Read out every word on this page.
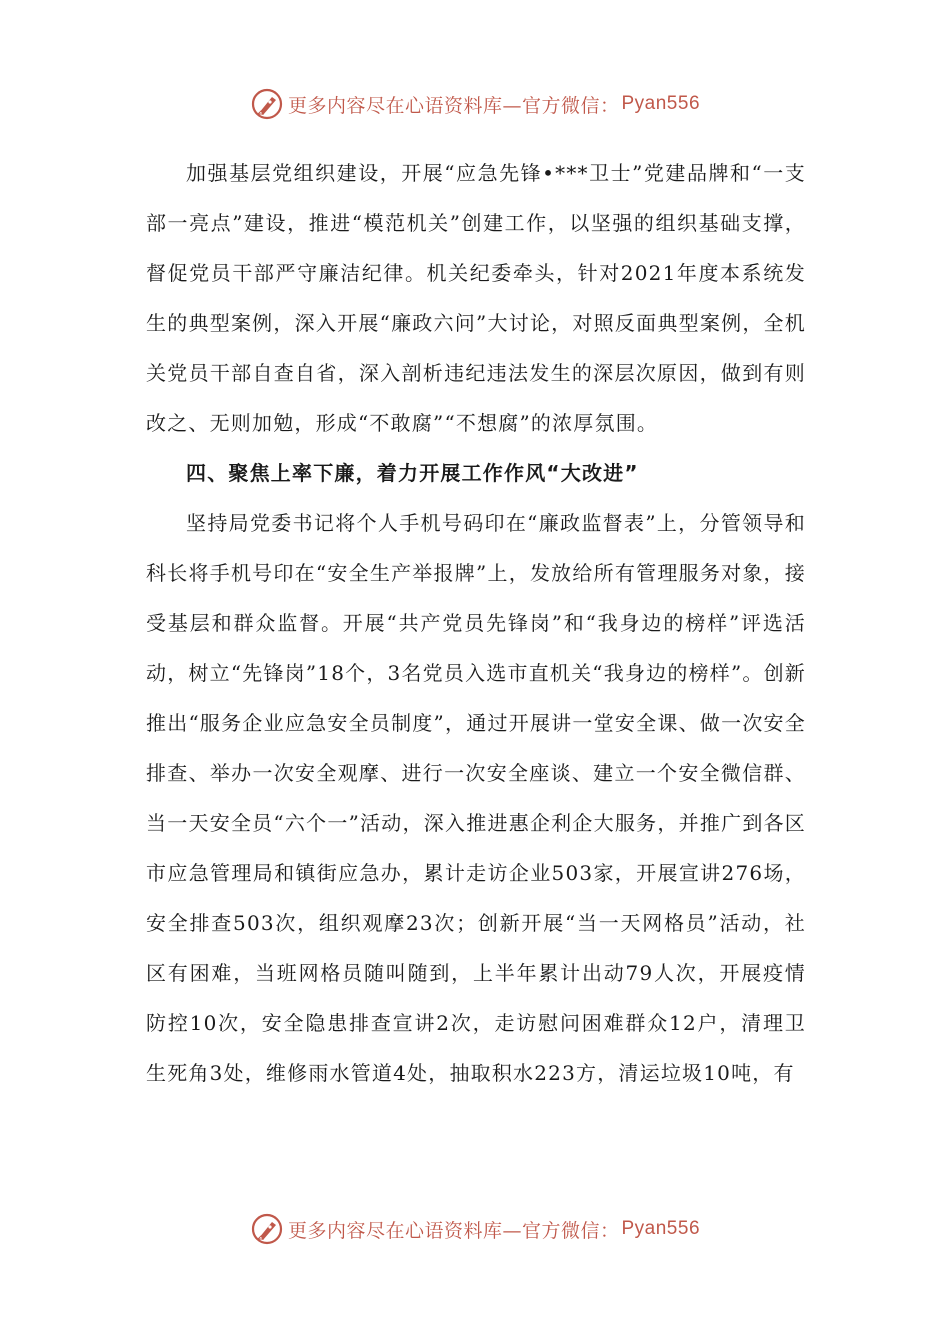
更多内容尽在心语资料库—官方微信： Pyan556

加强基层党组织建设，开展“应急先锋•***卫士”党建品牌和“一支部一亮点”建设，推进“模范机关”创建工作，以坚强的组织基础支撑，督促党员干部严守廉洁纪律。机关纪委牵头，针对2021年度本系统发生的典型案例，深入开展“廉政六问”大讨论，对照反面典型案例，全机关党员干部自查自省，深入剖析违纪违法发生的深层次原因，做到有则改之、无则加勉，形成“不敢腐”“不想腐”的浓厚氛围。

四、聚焦上率下廉，着力开展工作作风“大改进”

坚持局党委书记将个人手机号码印在“廉政监督表”上，分管领导和科长将手机号印在“安全生产举报牌”上，发放给所有管理服务对象，接受基层和群众监督。开展“共产党员先锋岗”和“我身边的榜样”评选活动，树立“先锋岗”18个，3名党员入选市直机关“我身边的榜样”。创新推出“服务企业应急安全员制度”，通过开展讲一堂安全课、做一次安全排查、举办一次安全观摩、进行一次安全座谈、建立一个安全微信群、当一天安全员“六个一”活动，深入推进惠企利企大服务，并推广到各区市应急管理局和镇街应急办，累计走访企业503家，开展宣讲276场，安全排查503次，组织观摩23次；创新开展“当一天网格员”活动，社区有困难，当班网格员随叫随到，上半年累计出动79人次，开展疫情防控10次，安全隐患排查宣讲2次，走访慰问困难群众12户，清理卫生死角3处，维修雨水管道4处，抽取积水223方，清运垃圾10吨，有

更多内容尽在心语资料库—官方微信： Pyan556
